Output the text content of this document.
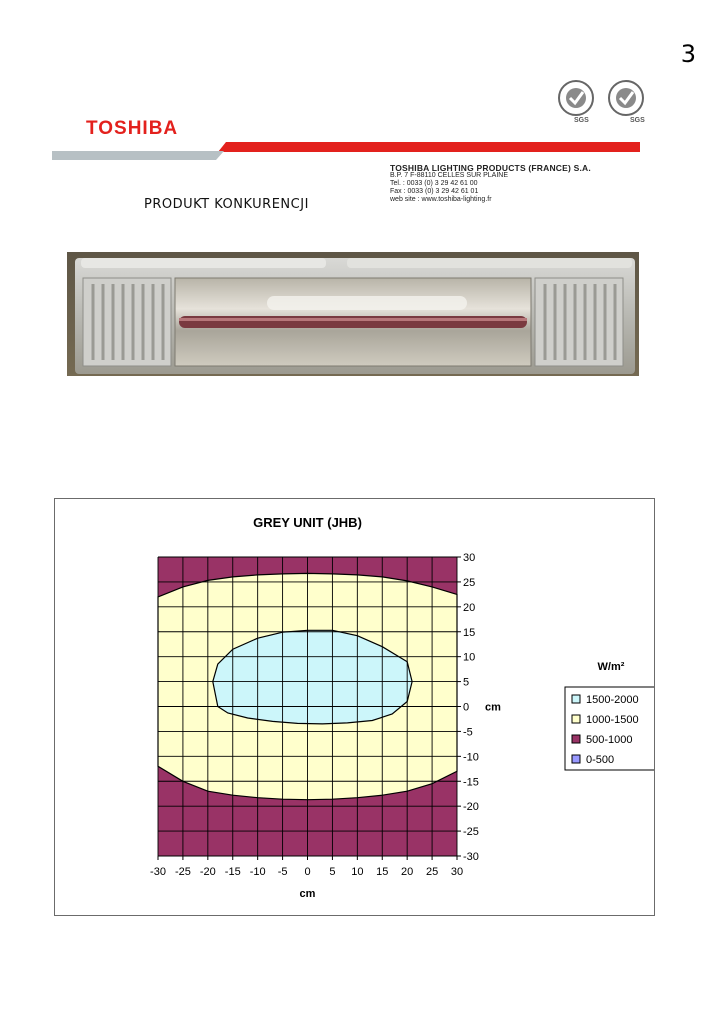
3
SGS	SGS
TOSHIBA
TOSHIBA LIGHTING PRODUCTS (FRANCE) S.A.
B.P. 7 F-88110 CELLES SUR PLAINE
Tel. : 0033 (0) 3 29 42 61 00
Fax : 0033 (0) 3 29 42 61 01
web site : www.toshiba-lighting.fr
PRODUKT KONKURENCJI
GREY UNIT (JHB)
-30 -25 -20 -15 -10 -5 0 5 10 15 20 25 30
30
25
20
15
10
5
0
-5
-10
-15
-20
-25
-30
cm
cm
W/m²
1500-2000
1000-1500
500-1000
0-500
